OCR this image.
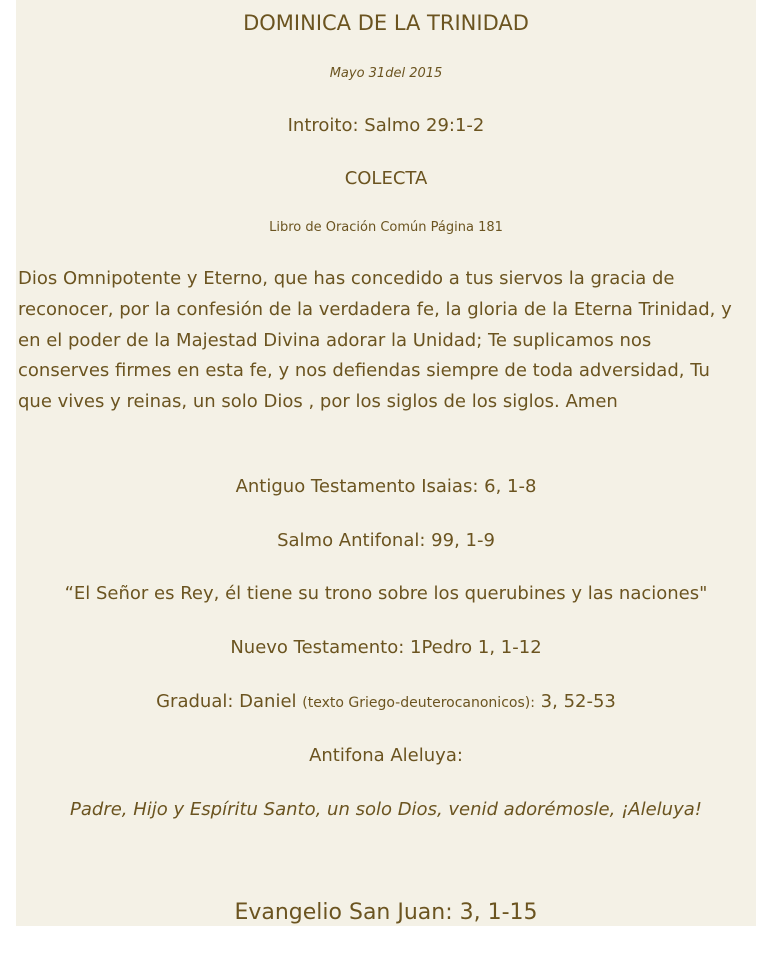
DOMINICA DE LA TRINIDAD
Mayo 31del 2015
Introito: Salmo 29:1-2
COLECTA
Libro de Oración Común Página 181
Dios Omnipotente y Eterno, que has concedido a tus siervos la gracia de reconocer, por la confesión de la verdadera fe, la gloria de la Eterna Trinidad, y en el poder de la Majestad Divina adorar la Unidad; Te suplicamos nos conserves firmes en esta fe, y nos defiendas siempre de toda adversidad, Tu que vives y reinas, un solo Dios , por los siglos de los siglos. Amen
Antiguo Testamento Isaias: 6, 1-8
Salmo Antifonal: 99, 1-9
“El Señor es Rey, él tiene su trono sobre los querubines y las naciones"
Nuevo Testamento: 1Pedro 1, 1-12
Gradual: Daniel (texto Griego-deuterocanonicos): 3, 52-53
Antifona Aleluya:
Padre, Hijo y Espíritu Santo, un solo Dios, venid adorémosle, ¡Aleluya!
Evangelio San Juan: 3, 1-15
